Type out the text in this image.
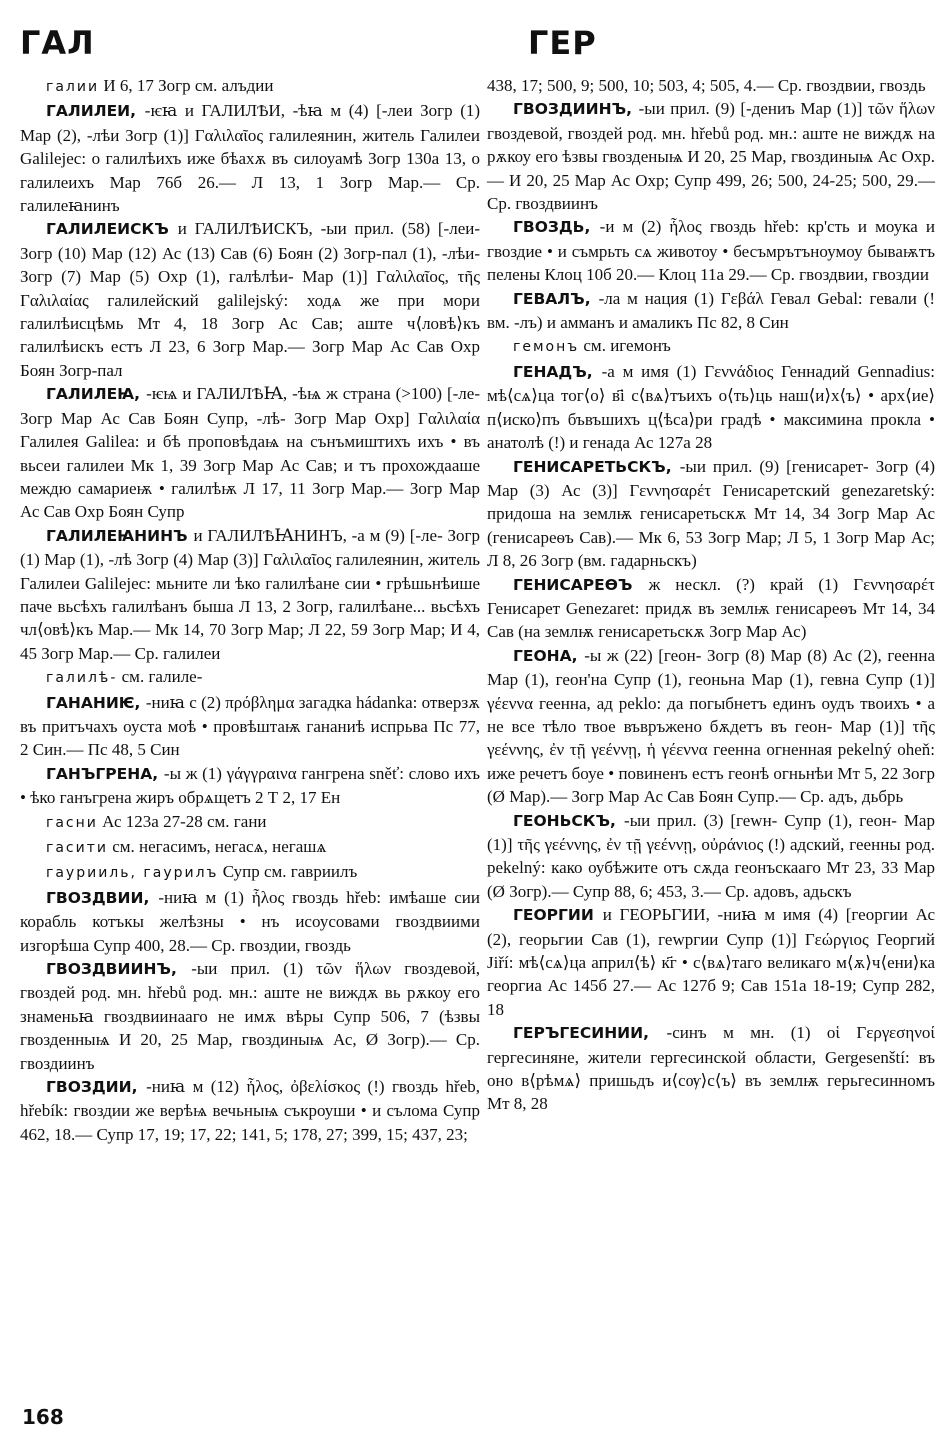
ГАЛ	ГЕР

галии И 6, 17 Зогр см. алъдии

ГАЛИЛЕИ, -ѥꙗ и ГАЛИЛѢИ, -ѣꙗ м (4) [-леи Зогр (1) Мар (2), -лѣи Зогр (1)] Γαλιλαῖος галилеянин, житель Галилеи Galilejec: о галилѣихъ иже бѣахѫ въ силоуамѣ Зогр 130а 13, о галилеихъ Мар 76б 26.— Л 13, 1 Зогр Мар.— Ср. галилеꙗнинъ

ГАЛИЛЕИСКЪ и ГАЛИЛѢИСКЪ, -ыи прил. (58) [-леи- Зогр (10) Мар (12) Ас (13) Сав (6) Боян (2) Зогр-пал (1), -лѣи- Зогр (7) Мар (5) Охр (1), галѣлѣи- Мар (1)] Γαλιλαῖος, τῆς Γαλιλαίας галилейский galilejský: ходѧ же при мори галилѣисцѣмь Мт 4, 18 Зогр Ас Сав; аште ч⟨ловѣ⟩къ галилѣискъ естъ Л 23, 6 Зогр Мар.— Зогр Мар Ас Сав Охр Боян Зогр-пал

ГАЛИЛЕꙖ, -ѥѩ и ГАЛИЛѢꙖ, -ѣѩ ж страна (>100) [-ле- Зогр Мар Ас Сав Боян Супр, -лѣ- Зогр Мар Охр] Γαλιλαία Галилея Galilea: и бѣ проповѣдаѩ на сънъмиштихъ ихъ • въ вьсеи галилеи Мк 1, 39 Зогр Мар Ас Сав; и тъ прохождааше междю самариеѭ • галилѣѭ Л 17, 11 Зогр Мар.— Зогр Мар Ас Сав Охр Боян Супр

ГАЛИЛЕꙖНИНЪ и ГАЛИЛѢꙖНИНЪ, -а м (9) [-ле- Зогр (1) Мар (1), -лѣ Зогр (4) Мар (3)] Γαλιλαῖος галилеянин, житель Галилеи Galilejec: мьните ли ѣко галилѣане сии • грѣшьнѣише паче вьсѣхъ галилѣанъ быша Л 13, 2 Зогр, галилѣане... вьсѣхъ чл⟨овѣ⟩къ Мар.— Мк 14, 70 Зогр Мар; Л 22, 59 Зогр Мар; И 4, 45 Зогр Мар.— Ср. галилеи

галилѣ- см. галиле-

ГАНАНИѤ, -ниꙗ с (2) πρόβλημα загадка hádanka: отверзѫ въ притъчахъ оуста моѣ • провѣштаѭ гананиѣ испрьва Пс 77, 2 Син.— Пс 48, 5 Син

ГАНЪГРЕНА, -ы ж (1) γάγγραινα гангрена sněť: слово ихъ • ѣко ганъгрена жиръ обрѧщетъ 2 Т 2, 17 Ен

гасни Ас 123а 27-28 см. гани

гасити см. негасимъ, негасѧ, негашѧ

гаурииль, гаурилъ Супр см. гавриилъ

ГВОЗДВИИ, -ниꙗ м (1) ἧλος гвоздь hřeb: имѣаше сии корабль котъкы желѣзны • нъ исоусовами гвоздвиими изгорѣша Супр 400, 28.— Ср. гвоздии, гвоздь

ГВОЗДВИИНЪ, -ыи прил. (1) τῶν ἥλων гвоздевой, гвоздей род. мн. hřebů род. мн.: аште не виждѫ вь рѫкоу его знаменьꙗ гвоздвиинааго не имѫ вѣры Супр 506, 7 (ѣзвы гвозденныѩ И 20, 25 Мар, гвоздиныѩ Ас, Ø Зогр).— Ср. гвоздиинъ

ГВОЗДИИ, -ниꙗ м (12) ἧλος, ὀβελίσκος (!) гвоздь hřeb, hřebík: гвоздии же верѣѩ вечьныѩ съкроуши • и сълома Супр 462, 18.— Супр 17, 19; 17, 22; 141, 5; 178, 27; 399, 15; 437, 23;

438, 17; 500, 9; 500, 10; 503, 4; 505, 4.— Ср. гвоздвии, гвоздь

ГВОЗДИИНЪ, -ыи прил. (9) [-дениъ Мар (1)] τῶν ἥλων гвоздевой, гвоздей род. мн. hřebů род. мн.: аште не виждѫ на рѫкоу его ѣзвы гвозденыѩ И 20, 25 Мар, гвоздиныѩ Ас Охр.— И 20, 25 Мар Ас Охр; Супр 499, 26; 500, 24-25; 500, 29.— Ср. гвоздвиинъ

ГВОЗДЬ, -и м (2) ἧλος гвоздь hřeb: кр'сть и моука и гвоздие • и съмрьть сѧ животоу • бесъмрътъноумоу бываѭтъ пелены Клоц 10б 20.— Клоц 11а 29.— Ср. гвоздвии, гвоздии

ГЕВАЛЪ, -ла м нация (1) Γεβάλ Гевал Gebal: гевали (! вм. -лъ) и амманъ и амаликъ Пс 82, 8 Син

гемонъ см. игемонъ

ГЕНАДЪ, -а м имя (1) Γεννάδιος Геннадий Gennadius: мѣ⟨сѧ⟩ца тог⟨о⟩ в҃і с⟨вѧ⟩тъихъ о⟨ть⟩ць наш⟨и⟩х⟨ъ⟩ • арх⟨ие⟩п⟨иско⟩пъ бъвъшихъ ц⟨ѣса⟩ри градѣ • максимина прокла • анатолѣ (!) и генада Ас 127а 28

ГЕНИСАРЕТЬСКЪ, -ыи прил. (9) [генисарет- Зогр (4) Мар (3) Ас (3)] Γεννησαρέτ Генисаретский genezaretský: придоша на землѭ генисаретьскѫ Мт 14, 34 Зогр Мар Ас (генисареѳъ Сав).— Мк 6, 53 Зогр Мар; Л 5, 1 Зогр Мар Ас; Л 8, 26 Зогр (вм. гадарньскъ)

ГЕНИСАРЕѲЪ ж нескл. (?) край (1) Γεννησαρέτ Генисарет Genezaret: придѫ въ землѭ генисареѳъ Мт 14, 34 Сав (на землѭ генисаретьскѫ Зогр Мар Ас)

ГЕОНА, -ы ж (22) [геон- Зогр (8) Мар (8) Ас (2), геенна Мар (1), геон'на Супр (1), геоньна Мар (1), гевна Супр (1)] γέεννα геенна, ад peklo: да погыбнетъ единъ оудъ твоихъ • а не все тѣло твое въвръжено бѫдетъ въ геон- Мар (1)] τῆς γεέννης, ἐν τῇ γεέννῃ, ἡ γέεννα геенна огненная pekelný oheň: иже речетъ боуе • повиненъ естъ геонѣ огньнѣи Мт 5, 22 Зогр (Ø Мар).— Зогр Мар Ас Сав Боян Супр.— Ср. адъ, дьбрь

ГЕОНЬСКЪ, -ыи прил. (3) [геwн- Супр (1), геон- Мар (1)] τῆς γεέννης, ἐν τῇ γεέννῃ, οὐράνιος (!) адский, геенны род. pekelný: како оубѣжите отъ сѫда геонъскааго Мт 23, 33 Мар (Ø Зогр).— Супр 88, 6; 453, 3.— Ср. адовъ, адьскъ

ГЕОРГИИ и ГЕОРЬГИИ, -ниꙗ м имя (4) [георгии Ас (2), георьгии Сав (1), геwргии Супр (1)] Γεώργιος Георгий Jiří: мѣ⟨сѧ⟩ца април⟨ѣ⟩ к҃г • с⟨вѧ⟩таго великаго м⟨ѫ⟩ч⟨ени⟩ка георгиа Ас 145б 27.— Ас 127б 9; Сав 151а 18-19; Супр 282, 18

ГЕРЪГЕСИНИИ, -синъ м мн. (1) οἱ Γεργεσηνοί гергесиняне, жители гергесинской области, Gergesenští: въ оно в⟨рѣмѧ⟩ пришьдъ и⟨сѹ⟩с⟨ъ⟩ въ землѭ герьгесинномъ Мт 8, 28

168
